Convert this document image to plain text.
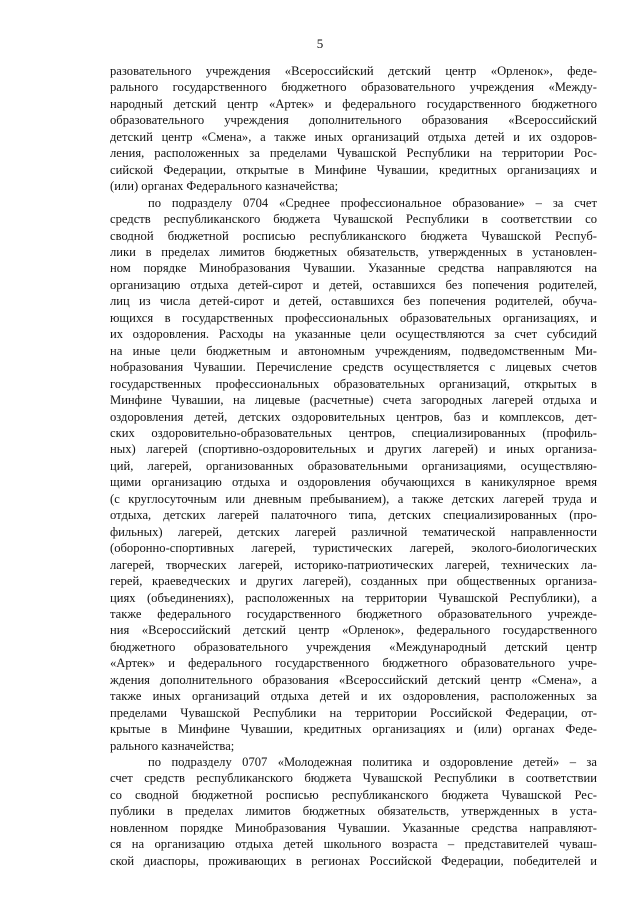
5
разовательного учреждения «Всероссийский детский центр «Орленок», феде-
рального государственного бюджетного образовательного учреждения «Между-
народный детский центр «Артек» и федерального государственного бюджетного
образовательного учреждения дополнительного образования «Всероссийский
детский центр «Смена», а также иных организаций отдыха детей и их оздоров-
ления, расположенных за пределами Чувашской Республики на территории Рос-
сийской Федерации, открытые в Минфине Чувашии, кредитных организациях и
(или) органах Федерального казначейства;
по подразделу 0704 «Среднее профессиональное образование» – за счет
средств республиканского бюджета Чувашской Республики в соответствии со
сводной бюджетной росписью республиканского бюджета Чувашской Респуб-
лики в пределах лимитов бюджетных обязательств, утвержденных в установлен-
ном порядке Минобразования Чувашии. Указанные средства направляются на
организацию отдыха детей-сирот и детей, оставшихся без попечения родителей,
лиц из числа детей-сирот и детей, оставшихся без попечения родителей, обуча-
ющихся в государственных профессиональных образовательных организациях, и
их оздоровления. Расходы на указанные цели осуществляются за счет субсидий
на иные цели бюджетным и автономным учреждениям, подведомственным Ми-
нобразования Чувашии. Перечисление средств осуществляется с лицевых счетов
государственных профессиональных образовательных организаций, открытых в
Минфине Чувашии, на лицевые (расчетные) счета загородных лагерей отдыха и
оздоровления детей, детских оздоровительных центров, баз и комплексов, дет-
ских оздоровительно-образовательных центров, специализированных (профиль-
ных) лагерей (спортивно-оздоровительных и других лагерей) и иных организа-
ций, лагерей, организованных образовательными организациями, осуществляю-
щими организацию отдыха и оздоровления обучающихся в каникулярное время
(с круглосуточным или дневным пребыванием), а также детских лагерей труда и
отдыха, детских лагерей палаточного типа, детских специализированных (про-
фильных) лагерей, детских лагерей различной тематической направленности
(оборонно-спортивных лагерей, туристических лагерей, эколого-биологических
лагерей, творческих лагерей, историко-патриотических лагерей, технических ла-
герей, краеведческих и других лагерей), созданных при общественных организа-
циях (объединениях), расположенных на территории Чувашской Республики), а
также федерального государственного бюджетного образовательного учрежде-
ния «Всероссийский детский центр «Орленок», федерального государственного
бюджетного образовательного учреждения «Международный детский центр
«Артек» и федерального государственного бюджетного образовательного учре-
ждения дополнительного образования «Всероссийский детский центр «Смена», а
также иных организаций отдыха детей и их оздоровления, расположенных за
пределами Чувашской Республики на территории Российской Федерации, от-
крытые в Минфине Чувашии, кредитных организациях и (или) органах Феде-
рального казначейства;
по подразделу 0707 «Молодежная политика и оздоровление детей» – за
счет средств республиканского бюджета Чувашской Республики в соответствии
со сводной бюджетной росписью республиканского бюджета Чувашской Рес-
публики в пределах лимитов бюджетных обязательств, утвержденных в уста-
новленном порядке Минобразования Чувашии. Указанные средства направляют-
ся на организацию отдыха детей школьного возраста – представителей чуваш-
ской диаспоры, проживающих в регионах Российской Федерации, победителей и
